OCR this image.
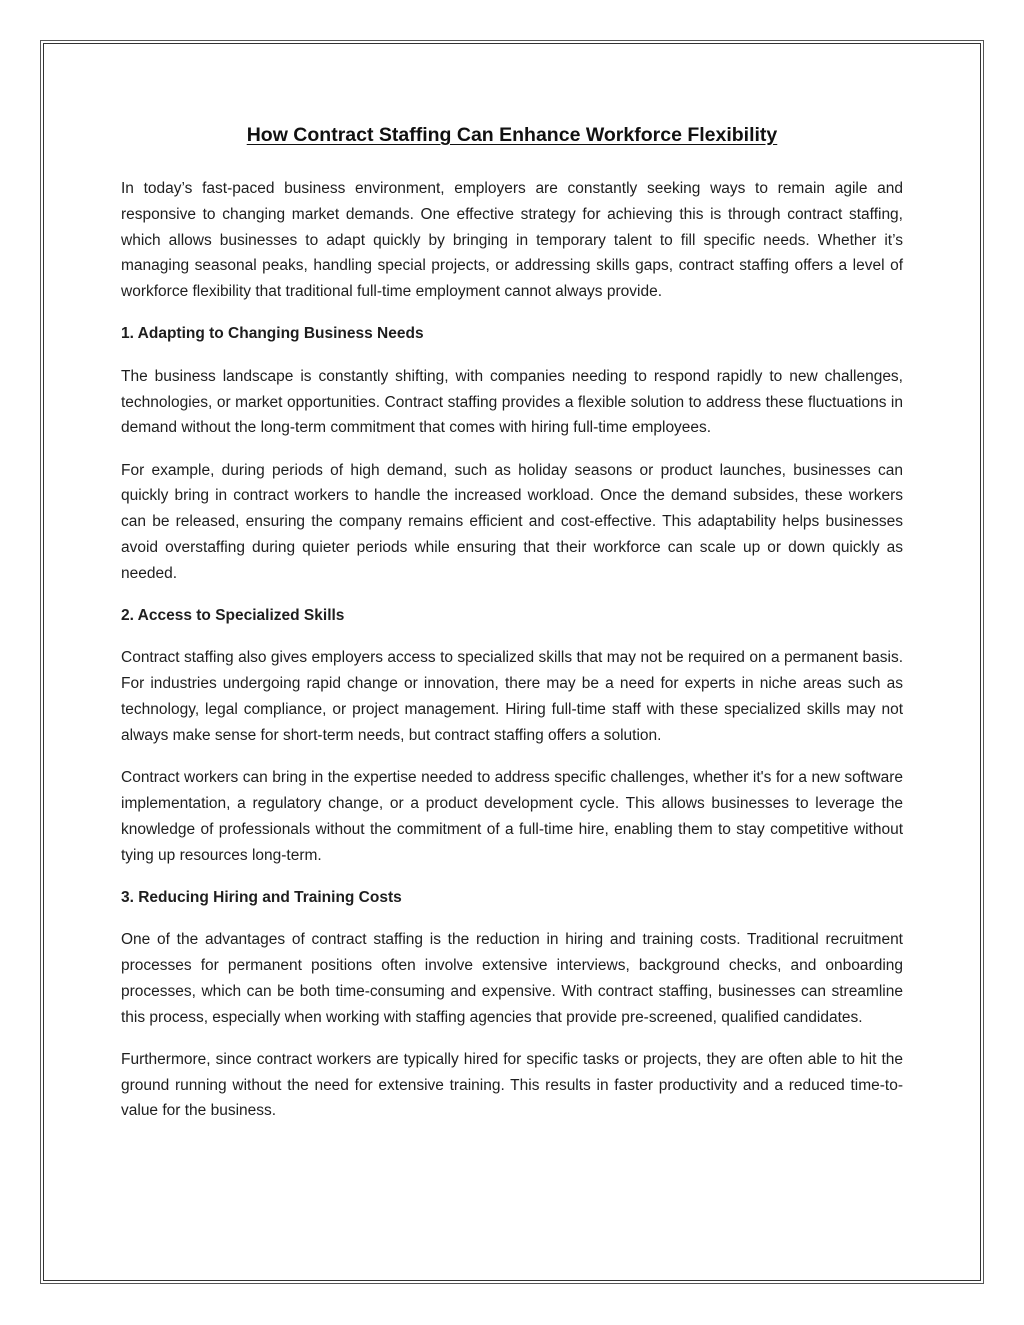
How Contract Staffing Can Enhance Workforce Flexibility

In today’s fast-paced business environment, employers are constantly seeking ways to remain agile and responsive to changing market demands. One effective strategy for achieving this is through contract staffing, which allows businesses to adapt quickly by bringing in temporary talent to fill specific needs. Whether it’s managing seasonal peaks, handling special projects, or addressing skills gaps, contract staffing offers a level of workforce flexibility that traditional full-time employment cannot always provide.

1. Adapting to Changing Business Needs

The business landscape is constantly shifting, with companies needing to respond rapidly to new challenges, technologies, or market opportunities. Contract staffing provides a flexible solution to address these fluctuations in demand without the long-term commitment that comes with hiring full-time employees.

For example, during periods of high demand, such as holiday seasons or product launches, businesses can quickly bring in contract workers to handle the increased workload. Once the demand subsides, these workers can be released, ensuring the company remains efficient and cost-effective. This adaptability helps businesses avoid overstaffing during quieter periods while ensuring that their workforce can scale up or down quickly as needed.

2. Access to Specialized Skills

Contract staffing also gives employers access to specialized skills that may not be required on a permanent basis. For industries undergoing rapid change or innovation, there may be a need for experts in niche areas such as technology, legal compliance, or project management. Hiring full-time staff with these specialized skills may not always make sense for short-term needs, but contract staffing offers a solution.

Contract workers can bring in the expertise needed to address specific challenges, whether it's for a new software implementation, a regulatory change, or a product development cycle. This allows businesses to leverage the knowledge of professionals without the commitment of a full-time hire, enabling them to stay competitive without tying up resources long-term.

3. Reducing Hiring and Training Costs

One of the advantages of contract staffing is the reduction in hiring and training costs. Traditional recruitment processes for permanent positions often involve extensive interviews, background checks, and onboarding processes, which can be both time-consuming and expensive. With contract staffing, businesses can streamline this process, especially when working with staffing agencies that provide pre-screened, qualified candidates.

Furthermore, since contract workers are typically hired for specific tasks or projects, they are often able to hit the ground running without the need for extensive training. This results in faster productivity and a reduced time-to-value for the business.
